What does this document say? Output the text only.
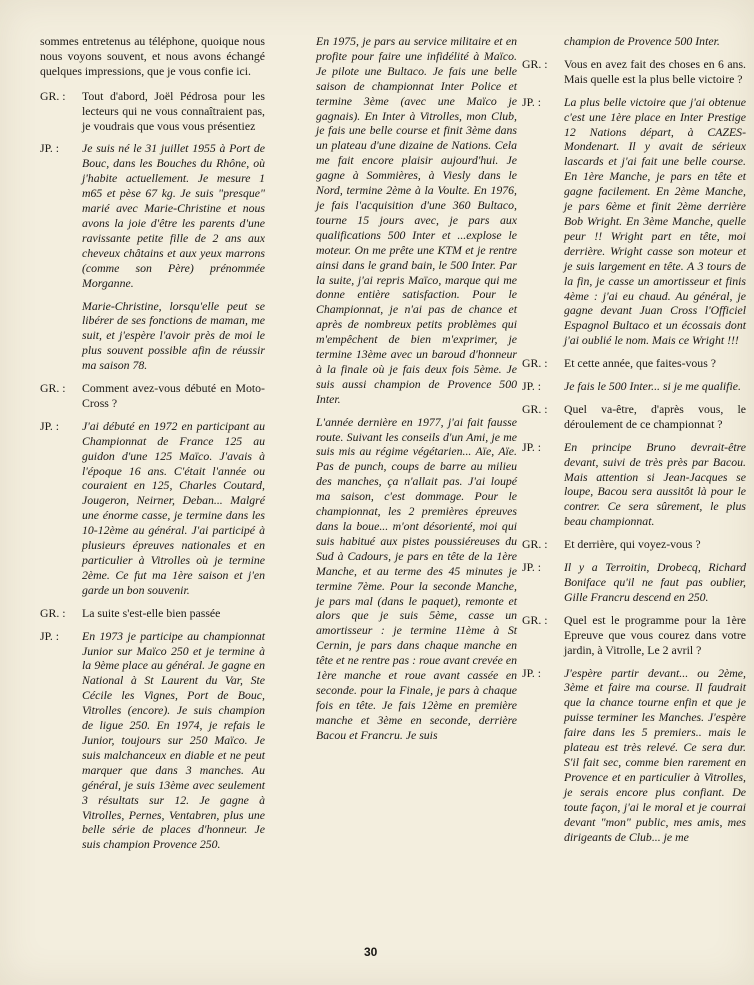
sommes entretenus au téléphone, quoique nous nous voyons souvent, et nous avons échangé quelques impressions, que je vous confie ici.

GR. :	Tout d'abord, Joël Pédrosa pour les lecteurs qui ne vous connaîtraient pas, je voudrais que vous vous présentiez
JP. :	Je suis né le 31 juillet 1955 à Port de Bouc, dans les Bouches du Rhône, où j'habite actuellement. Je mesure 1 m65 et pèse 67 kg. Je suis "presque" marié avec Marie-Christine et nous avons la joie d'être les parents d'une ravissante petite fille de 2 ans aux cheveux châtains et aux yeux marrons (comme son Père) prénommée Morganne.
Marie-Christine, lorsqu'elle peut se libérer de ses fonctions de maman, me suit, et j'espère l'avoir près de moi le plus souvent possible afin de réussir ma saison 78.
GR. :	Comment avez-vous débuté en Moto-Cross ?
JP. :	J'ai débuté en 1972 en participant au Championnat de France 125 au guidon d'une 125 Maïco. J'avais à l'époque 16 ans. C'était l'année ou couraient en 125, Charles Coutard, Jougeron, Neirner, Deban... Malgré une énorme casse, je termine dans les 10-12ème au général. J'ai participé à plusieurs épreuves nationales et en particulier à Vitrolles où je termine 2ème. Ce fut ma 1ère saison et j'en garde un bon souvenir.
GR. :	La suite s'est-elle bien passée
JP. :	En 1973 je participe au championnat Junior sur Maïco 250 et je termine à la 9ème place au général. Je gagne en National à St Laurent du Var, Ste Cécile les Vignes, Port de Bouc, Vitrolles (encore). Je suis champion de ligue 250. En 1974, je refais le Junior, toujours sur 250 Maïco. Je suis malchanceux en diable et ne peut marquer que dans 3 manches. Au général, je suis 13ème avec seulement 3 résultats sur 12. Je gagne à Vitrolles, Pernes, Ventabren, plus une belle série de places d'honneur. Je suis champion Provence 250.

En 1975, je pars au service militaire et en profite pour faire une infidélité à Maïco. Je pilote une Bultaco. Je fais une belle saison de championnat Inter Police et termine 3ème (avec une Maïco je gagnais). En Inter à Vitrolles, mon Club, je fais une belle course et finit 3ème dans un plateau d'une dizaine de Nations. Cela me fait encore plaisir aujourd'hui. Je gagne à Sommières, à Viesly dans le Nord, termine 2ème à la Voulte. En 1976, je fais l'acquisition d'une 360 Bultaco, tourne 15 jours avec, je pars aux qualifications 500 Inter et ...explose le moteur. On me prête une KTM et je rentre ainsi dans le grand bain, le 500 Inter. Par la suite, j'ai repris Maïco, marque qui me donne entière satisfaction. Pour le Championnat, je n'ai pas de chance et après de nombreux petits problèmes qui m'empêchent de bien m'exprimer, je termine 13ème avec un baroud d'honneur à la finale où je fais deux fois 5ème. Je suis aussi champion de Provence 500 Inter.

L'année dernière en 1977, j'ai fait fausse route. Suivant les conseils d'un Ami, je me suis mis au régime végétarien... Aïe, Aïe. Pas de punch, coups de barre au milieu des manches, ça n'allait pas. J'ai loupé ma saison, c'est dommage. Pour le championnat, les 2 premières épreuves dans la boue... m'ont désorienté, moi qui suis habitué aux pistes poussiéreuses du Sud à Cadours, je pars en tête de la 1ère Manche, et au terme des 45 minutes je termine 7ème. Pour la seconde Manche, je pars mal (dans le paquet), remonte et alors que je suis 5ème, casse un amortisseur : je termine 11ème à St Cernin, je pars dans chaque manche en tête et ne rentre pas : roue avant crevée en 1ère manche et roue avant cassée en seconde. pour la Finale, je pars à chaque fois en tête. Je fais 12ème en première manche et 3ème en seconde, derrière Bacou et Francru. Je suis

champion de Provence 500 Inter.

GR. :	Vous en avez fait des choses en 6 ans. Mais quelle est la plus belle victoire ?
JP. :	La plus belle victoire que j'ai obtenue c'est une 1ère place en Inter Prestige 12 Nations départ, à CAZES-Mondenart. Il y avait de sérieux lascards et j'ai fait une belle course. En 1ère Manche, je pars en tête et gagne facilement. En 2ème Manche, je pars 6ème et finit 2ème derrière Bob Wright. En 3ème Manche, quelle peur !! Wright part en tête, moi derrière. Wright casse son moteur et je suis largement en tête. A 3 tours de la fin, je casse un amortisseur et finis 4ème : j'ai eu chaud. Au général, je gagne devant Juan Cross l'Officiel Espagnol Bultaco et un écossais dont j'ai oublié le nom. Mais ce Wright !!!
GR. :	Et cette année, que faites-vous ?
JP. :	Je fais le 500 Inter... si je me qualifie.
GR. :	Quel va-être, d'après vous, le déroulement de ce championnat ?
JP. :	En principe Bruno devrait-être devant, suivi de très près par Bacou. Mais attention si Jean-Jacques se loupe, Bacou sera aussitôt là pour le contrer. Ce sera sûrement, le plus beau championnat.
GR. :	Et derrière, qui voyez-vous ?
JP. :	Il y a Terroitin, Drobecq, Richard Boniface qu'il ne faut pas oublier, Gille Francru descend en 250.
GR. :	Quel est le programme pour la 1ère Epreuve que vous courez dans votre jardin, à Vitrolle, Le 2 avril ?
JP. :	J'espère partir devant... ou 2ème, 3ème et faire ma course. Il faudrait que la chance tourne enfin et que je puisse terminer les Manches. J'espère faire dans les 5 premiers.. mais le plateau est très relevé. Ce sera dur. S'il fait sec, comme bien rarement en Provence et en particulier à Vitrolles, je serais encore plus confiant. De toute façon, j'ai le moral et je courrai devant "mon" public, mes amis, mes dirigeants de Club... je me
30
